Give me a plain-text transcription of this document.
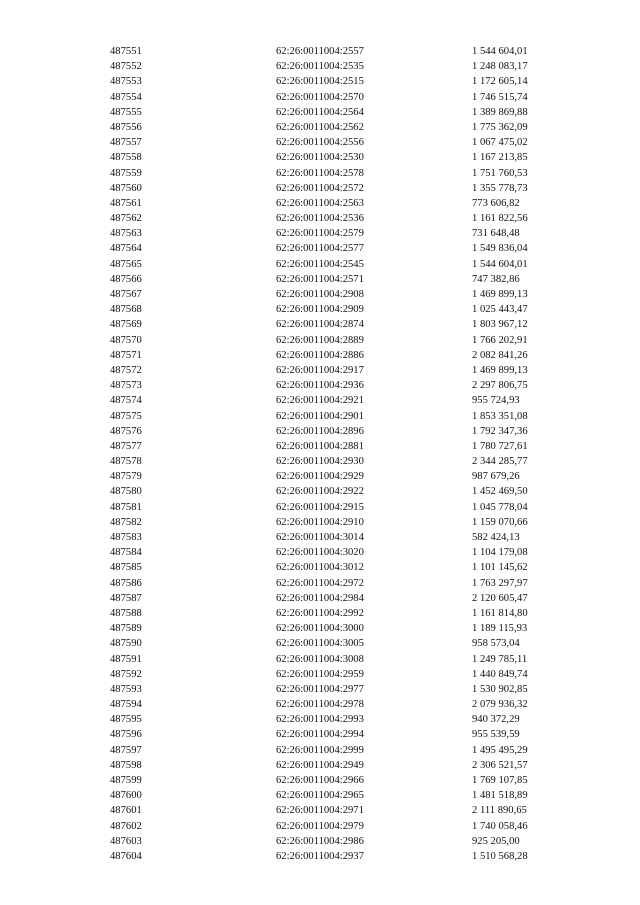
487551	62:26:0011004:2557	1 544 604,01
487552	62:26:0011004:2535	1 248 083,17
487553	62:26:0011004:2515	1 172 605,14
487554	62:26:0011004:2570	1 746 515,74
487555	62:26:0011004:2564	1 389 869,88
487556	62:26:0011004:2562	1 775 362,09
487557	62:26:0011004:2556	1 067 475,02
487558	62:26:0011004:2530	1 167 213,85
487559	62:26:0011004:2578	1 751 760,53
487560	62:26:0011004:2572	1 355 778,73
487561	62:26:0011004:2563	773 606,82
487562	62:26:0011004:2536	1 161 822,56
487563	62:26:0011004:2579	731 648,48
487564	62:26:0011004:2577	1 549 836,04
487565	62:26:0011004:2545	1 544 604,01
487566	62:26:0011004:2571	747 382,86
487567	62:26:0011004:2908	1 469 899,13
487568	62:26:0011004:2909	1 025 443,47
487569	62:26:0011004:2874	1 803 967,12
487570	62:26:0011004:2889	1 766 202,91
487571	62:26:0011004:2886	2 082 841,26
487572	62:26:0011004:2917	1 469 899,13
487573	62:26:0011004:2936	2 297 806,75
487574	62:26:0011004:2921	955 724,93
487575	62:26:0011004:2901	1 853 351,08
487576	62:26:0011004:2896	1 792 347,36
487577	62:26:0011004:2881	1 780 727,61
487578	62:26:0011004:2930	2 344 285,77
487579	62:26:0011004:2929	987 679,26
487580	62:26:0011004:2922	1 452 469,50
487581	62:26:0011004:2915	1 045 778,04
487582	62:26:0011004:2910	1 159 070,66
487583	62:26:0011004:3014	582 424,13
487584	62:26:0011004:3020	1 104 179,08
487585	62:26:0011004:3012	1 101 145,62
487586	62:26:0011004:2972	1 763 297,97
487587	62:26:0011004:2984	2 120 605,47
487588	62:26:0011004:2992	1 161 814,80
487589	62:26:0011004:3000	1 189 115,93
487590	62:26:0011004:3005	958 573,04
487591	62:26:0011004:3008	1 249 785,11
487592	62:26:0011004:2959	1 440 849,74
487593	62:26:0011004:2977	1 530 902,85
487594	62:26:0011004:2978	2 079 936,32
487595	62:26:0011004:2993	940 372,29
487596	62:26:0011004:2994	955 539,59
487597	62:26:0011004:2999	1 495 495,29
487598	62:26:0011004:2949	2 306 521,57
487599	62:26:0011004:2966	1 769 107,85
487600	62:26:0011004:2965	1 481 518,89
487601	62:26:0011004:2971	2 111 890,65
487602	62:26:0011004:2979	1 740 058,46
487603	62:26:0011004:2986	925 205,00
487604	62:26:0011004:2937	1 510 568,28
